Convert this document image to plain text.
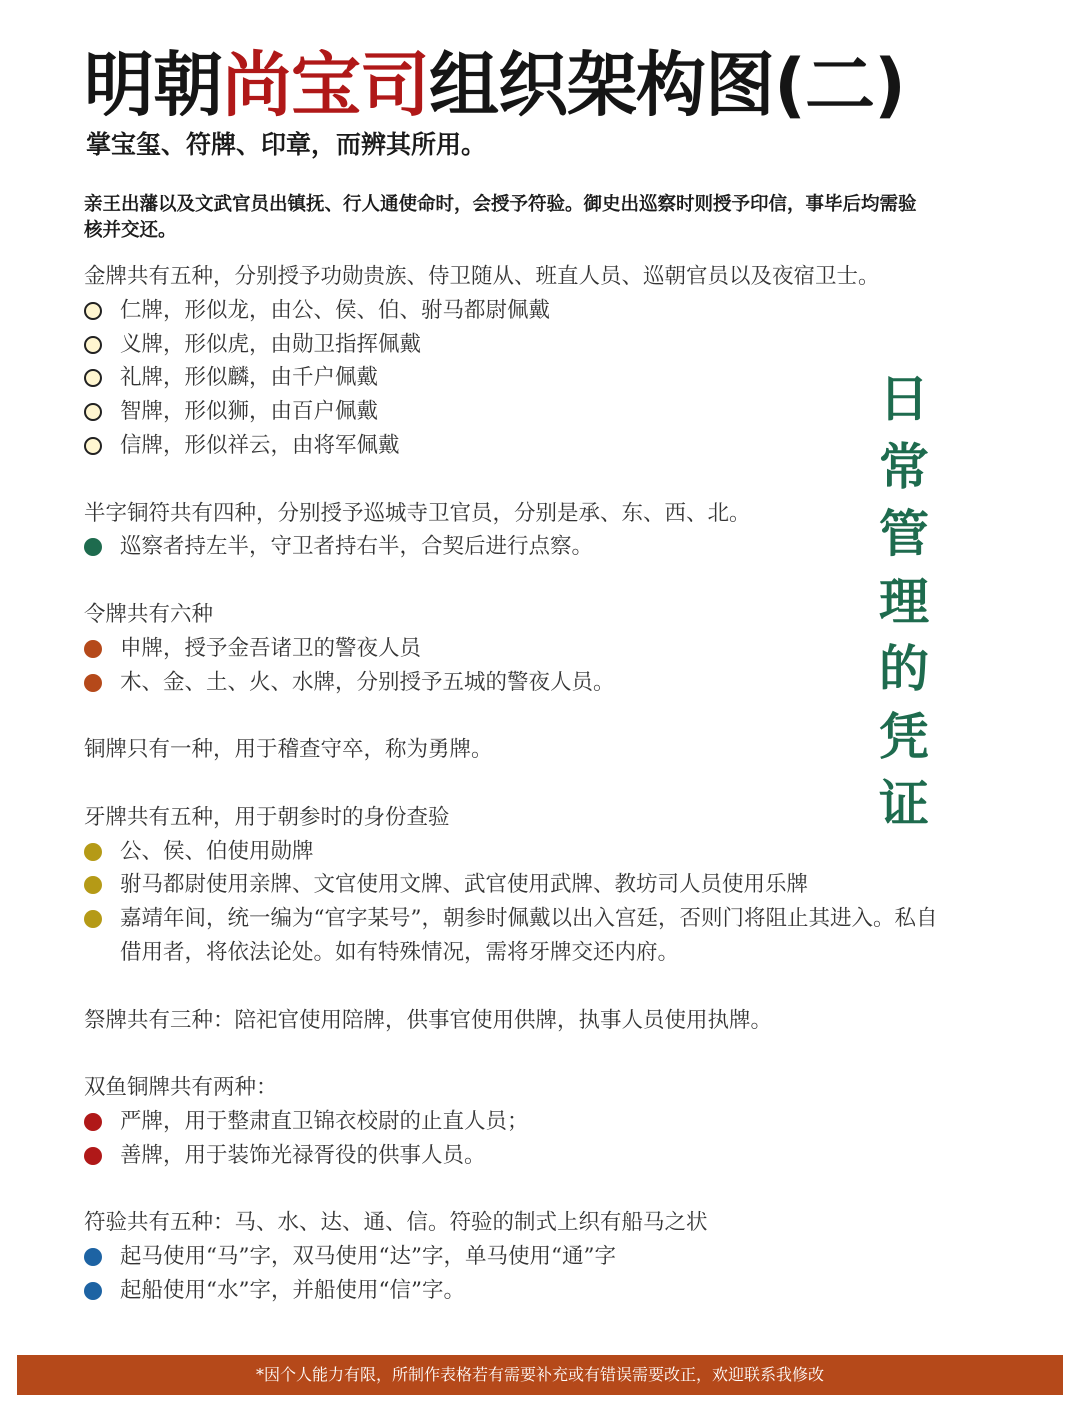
明朝尚宝司组织架构图(二)
掌宝玺、符牌、印章，而辨其所用。
亲王出藩以及文武官员出镇抚、行人通使命时，会授予符验。御史出巡察时则授予印信，事毕后均需验核并交还。
金牌共有五种，分别授予功勋贵族、侍卫随从、班直人员、巡朝官员以及夜宿卫士。
仁牌，形似龙，由公、侯、伯、驸马都尉佩戴
义牌，形似虎，由勋卫指挥佩戴
礼牌，形似麟，由千户佩戴
智牌，形似狮，由百户佩戴
信牌，形似祥云，由将军佩戴
半字铜符共有四种，分别授予巡城寺卫官员，分别是承、东、西、北。
巡察者持左半，守卫者持右半，合契后进行点察。
令牌共有六种
申牌，授予金吾诸卫的警夜人员
木、金、土、火、水牌，分别授予五城的警夜人员。
铜牌只有一种，用于稽查守卒，称为勇牌。
牙牌共有五种，用于朝参时的身份查验
公、侯、伯使用勋牌
驸马都尉使用亲牌、文官使用文牌、武官使用武牌、教坊司人员使用乐牌
嘉靖年间，统一编为“官字某号”，朝参时佩戴以出入宫廷，否则门将阻止其进入。私自借用者，将依法论处。如有特殊情况，需将牙牌交还内府。
祭牌共有三种：陪祀官使用陪牌，供事官使用供牌，执事人员使用执牌。
双鱼铜牌共有两种：
严牌，用于整肃直卫锦衣校尉的止直人员；
善牌，用于装饰光禄胥役的供事人员。
符验共有五种：马、水、达、通、信。符验的制式上织有船马之状
起马使用“马”字，双马使用“达”字，单马使用“通”字
起船使用“水”字，并船使用“信”字。
日常管理的凭证
*因个人能力有限，所制作表格若有需要补充或有错误需要改正，欢迎联系我修改
